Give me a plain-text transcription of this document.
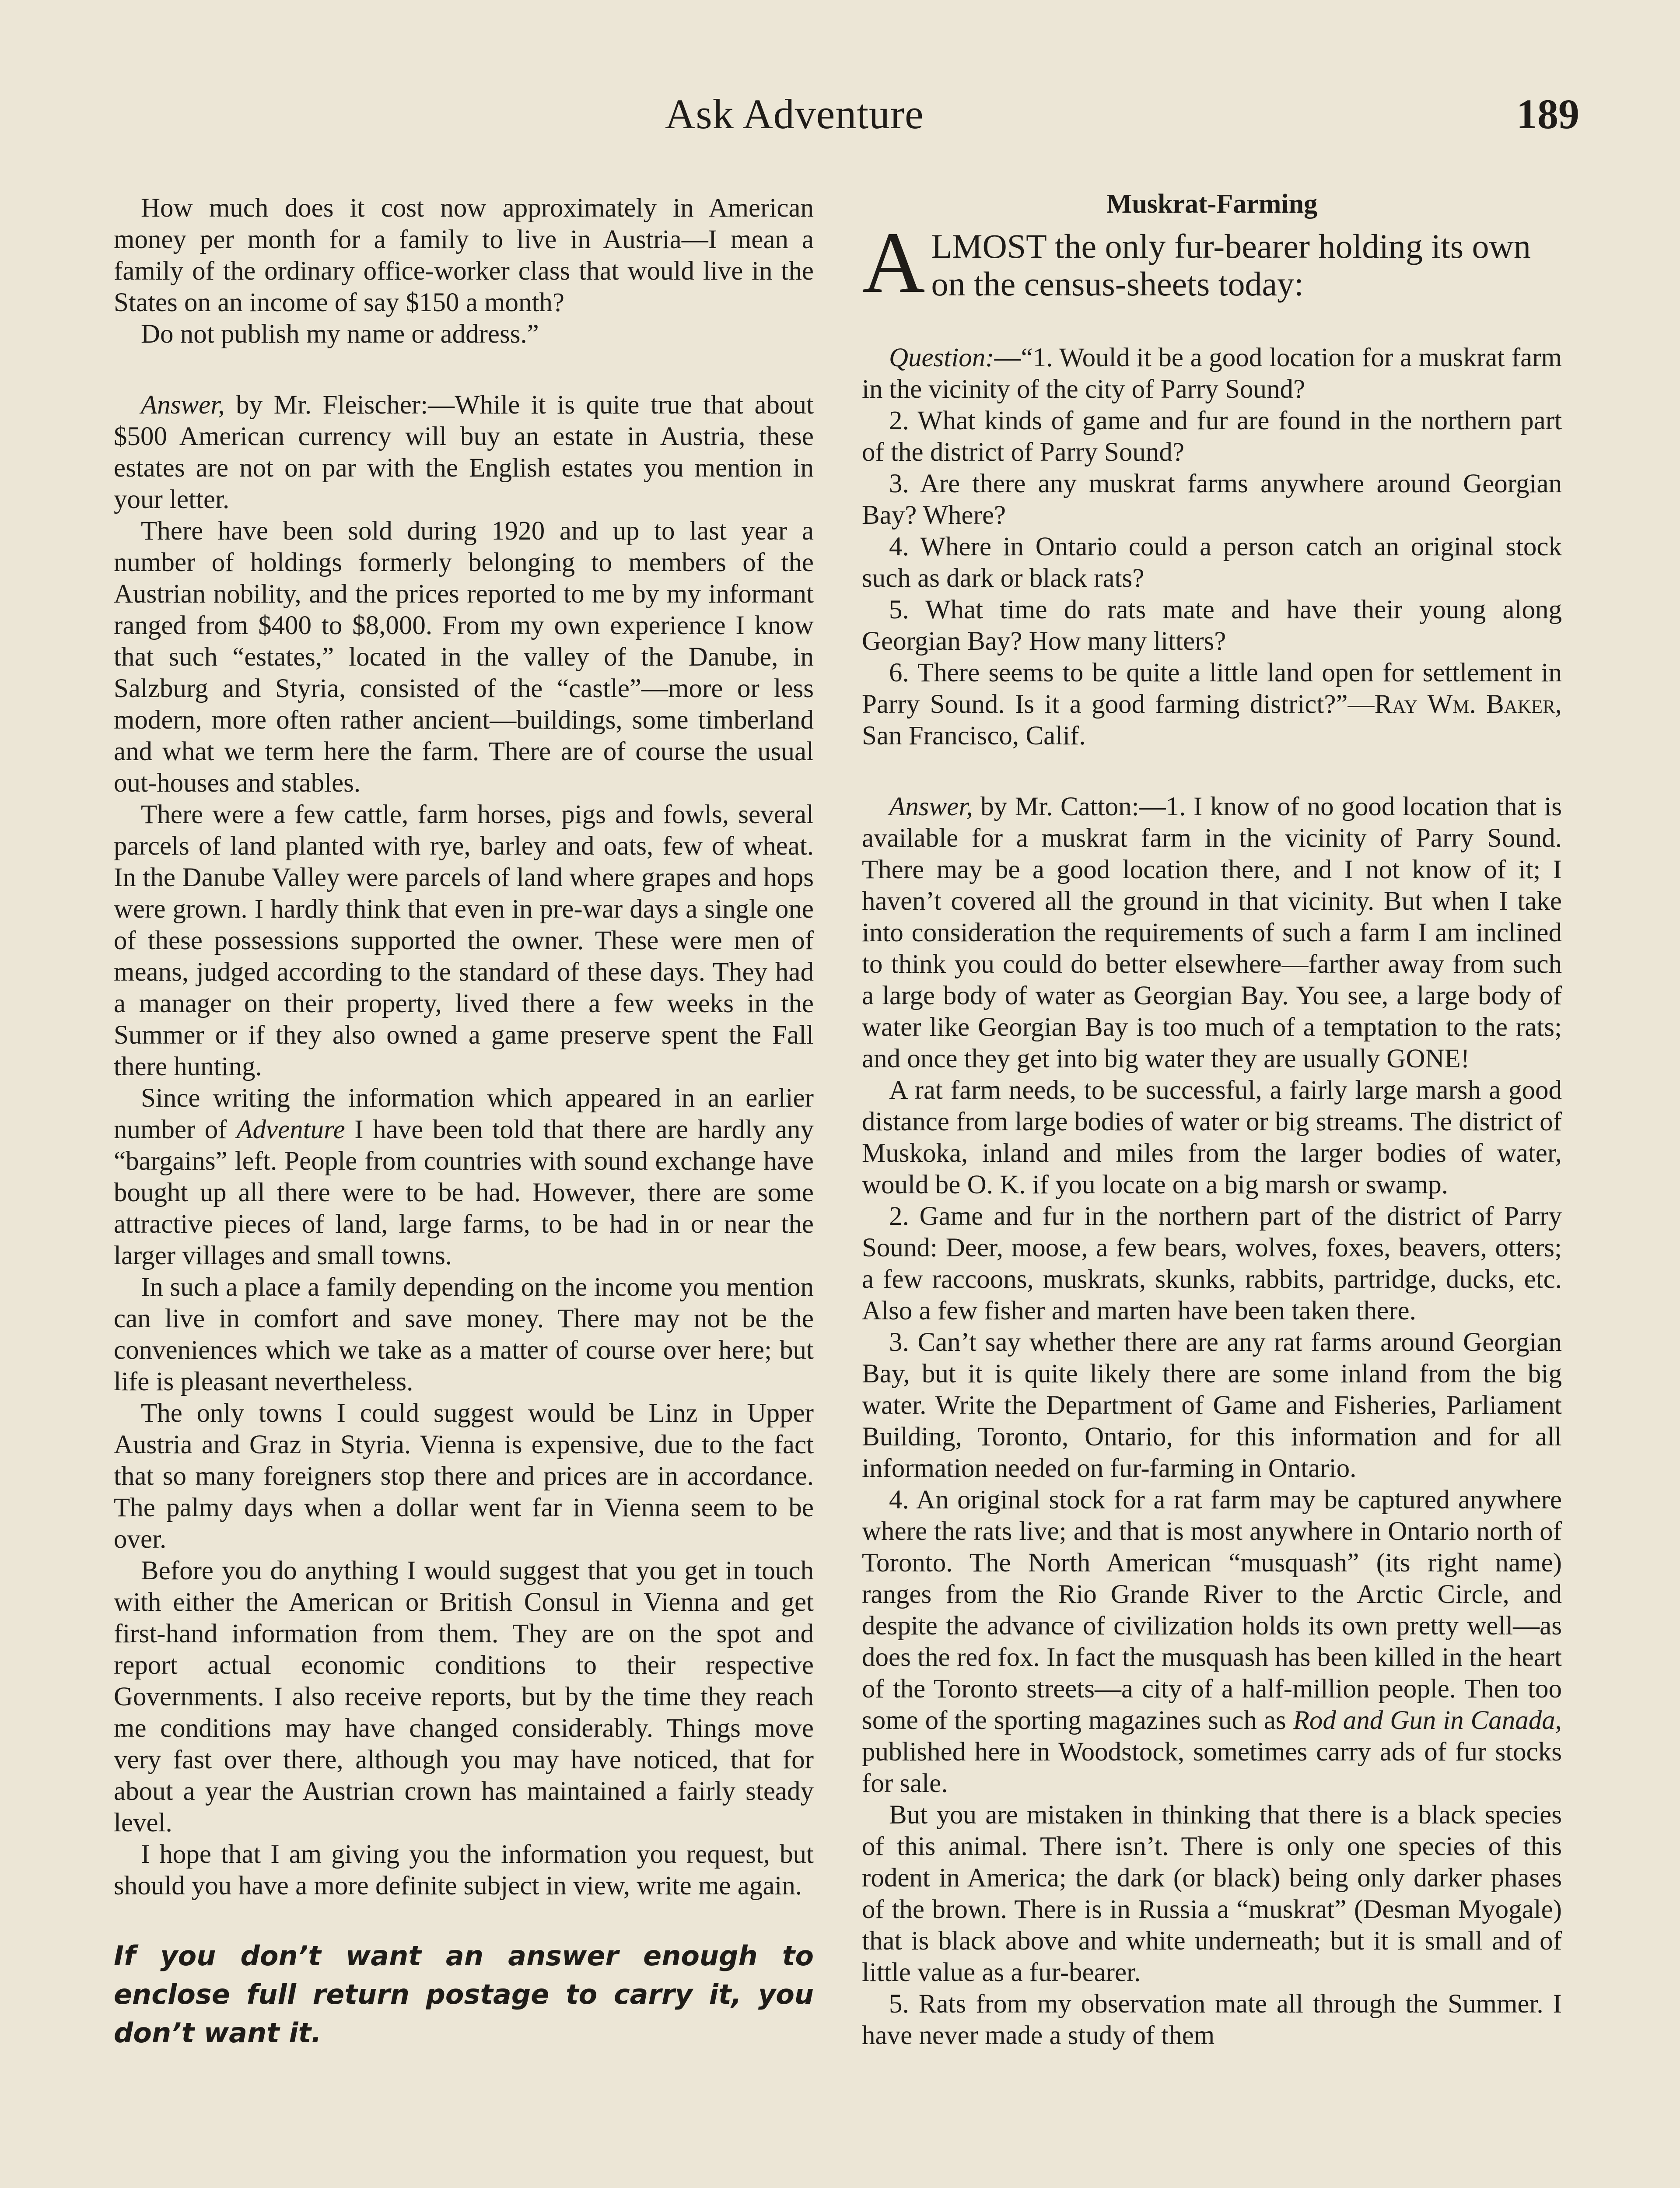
Ask Adventure	189

How much does it cost now approximately in American money per month for a family to live in Austria—I mean a family of the ordinary office-worker class that would live in the States on an income of say $150 a month?

Do not publish my name or address.”

Answer, by Mr. Fleischer:—While it is quite true that about $500 American currency will buy an estate in Austria, these estates are not on par with the English estates you mention in your letter.

There have been sold during 1920 and up to last year a number of holdings formerly belonging to members of the Austrian nobility, and the prices reported to me by my informant ranged from $400 to $8,000. From my own experience I know that such “estates,” located in the valley of the Danube, in Salzburg and Styria, consisted of the “castle”—more or less modern, more often rather ancient—buildings, some timberland and what we term here the farm. There are of course the usual out-houses and stables.

There were a few cattle, farm horses, pigs and fowls, several parcels of land planted with rye, barley and oats, few of wheat. In the Danube Valley were parcels of land where grapes and hops were grown. I hardly think that even in pre-war days a single one of these possessions supported the owner. These were men of means, judged according to the standard of these days. They had a manager on their property, lived there a few weeks in the Summer or if they also owned a game preserve spent the Fall there hunting.

Since writing the information which appeared in an earlier number of Adventure I have been told that there are hardly any “bargains” left. People from countries with sound exchange have bought up all there were to be had. However, there are some attractive pieces of land, large farms, to be had in or near the larger villages and small towns.

In such a place a family depending on the income you mention can live in comfort and save money. There may not be the conveniences which we take as a matter of course over here; but life is pleasant nevertheless.

The only towns I could suggest would be Linz in Upper Austria and Graz in Styria. Vienna is expensive, due to the fact that so many foreigners stop there and prices are in accordance. The palmy days when a dollar went far in Vienna seem to be over.

Before you do anything I would suggest that you get in touch with either the American or British Consul in Vienna and get first-hand information from them. They are on the spot and report actual economic conditions to their respective Governments. I also receive reports, but by the time they reach me conditions may have changed considerably. Things move very fast over there, although you may have noticed, that for about a year the Austrian crown has maintained a fairly steady level.

I hope that I am giving you the information you request, but should you have a more definite subject in view, write me again.

If you don’t want an answer enough to enclose full return postage to carry it, you don’t want it.
Muskrat-Farming

ALMOST the only fur-bearer holding its own on the census-sheets today:

Question:—“1. Would it be a good location for a muskrat farm in the vicinity of the city of Parry Sound?

2. What kinds of game and fur are found in the northern part of the district of Parry Sound?

3. Are there any muskrat farms anywhere around Georgian Bay? Where?

4. Where in Ontario could a person catch an original stock such as dark or black rats?

5. What time do rats mate and have their young along Georgian Bay? How many litters?

6. There seems to be quite a little land open for settlement in Parry Sound. Is it a good farming district?”—Ray Wm. Baker, San Francisco, Calif.

Answer, by Mr. Catton:—1. I know of no good location that is available for a muskrat farm in the vicinity of Parry Sound. There may be a good location there, and I not know of it; I haven’t covered all the ground in that vicinity. But when I take into consideration the requirements of such a farm I am inclined to think you could do better elsewhere—farther away from such a large body of water as Georgian Bay. You see, a large body of water like Georgian Bay is too much of a temptation to the rats; and once they get into big water they are usually GONE!

A rat farm needs, to be successful, a fairly large marsh a good distance from large bodies of water or big streams. The district of Muskoka, inland and miles from the larger bodies of water, would be O. K. if you locate on a big marsh or swamp.

2. Game and fur in the northern part of the district of Parry Sound: Deer, moose, a few bears, wolves, foxes, beavers, otters; a few raccoons, muskrats, skunks, rabbits, partridge, ducks, etc. Also a few fisher and marten have been taken there.

3. Can’t say whether there are any rat farms around Georgian Bay, but it is quite likely there are some inland from the big water. Write the Department of Game and Fisheries, Parliament Building, Toronto, Ontario, for this information and for all information needed on fur-farming in Ontario.

4. An original stock for a rat farm may be captured anywhere where the rats live; and that is most anywhere in Ontario north of Toronto. The North American “musquash” (its right name) ranges from the Rio Grande River to the Arctic Circle, and despite the advance of civilization holds its own pretty well—as does the red fox. In fact the musquash has been killed in the heart of the Toronto streets—a city of a half-million people. Then too some of the sporting magazines such as Rod and Gun in Canada, published here in Woodstock, sometimes carry ads of fur stocks for sale.

But you are mistaken in thinking that there is a black species of this animal. There isn’t. There is only one species of this rodent in America; the dark (or black) being only darker phases of the brown. There is in Russia a “muskrat” (Desman Myogale) that is black above and white underneath; but it is small and of little value as a fur-bearer.

5. Rats from my observation mate all through the Summer. I have never made a study of them
